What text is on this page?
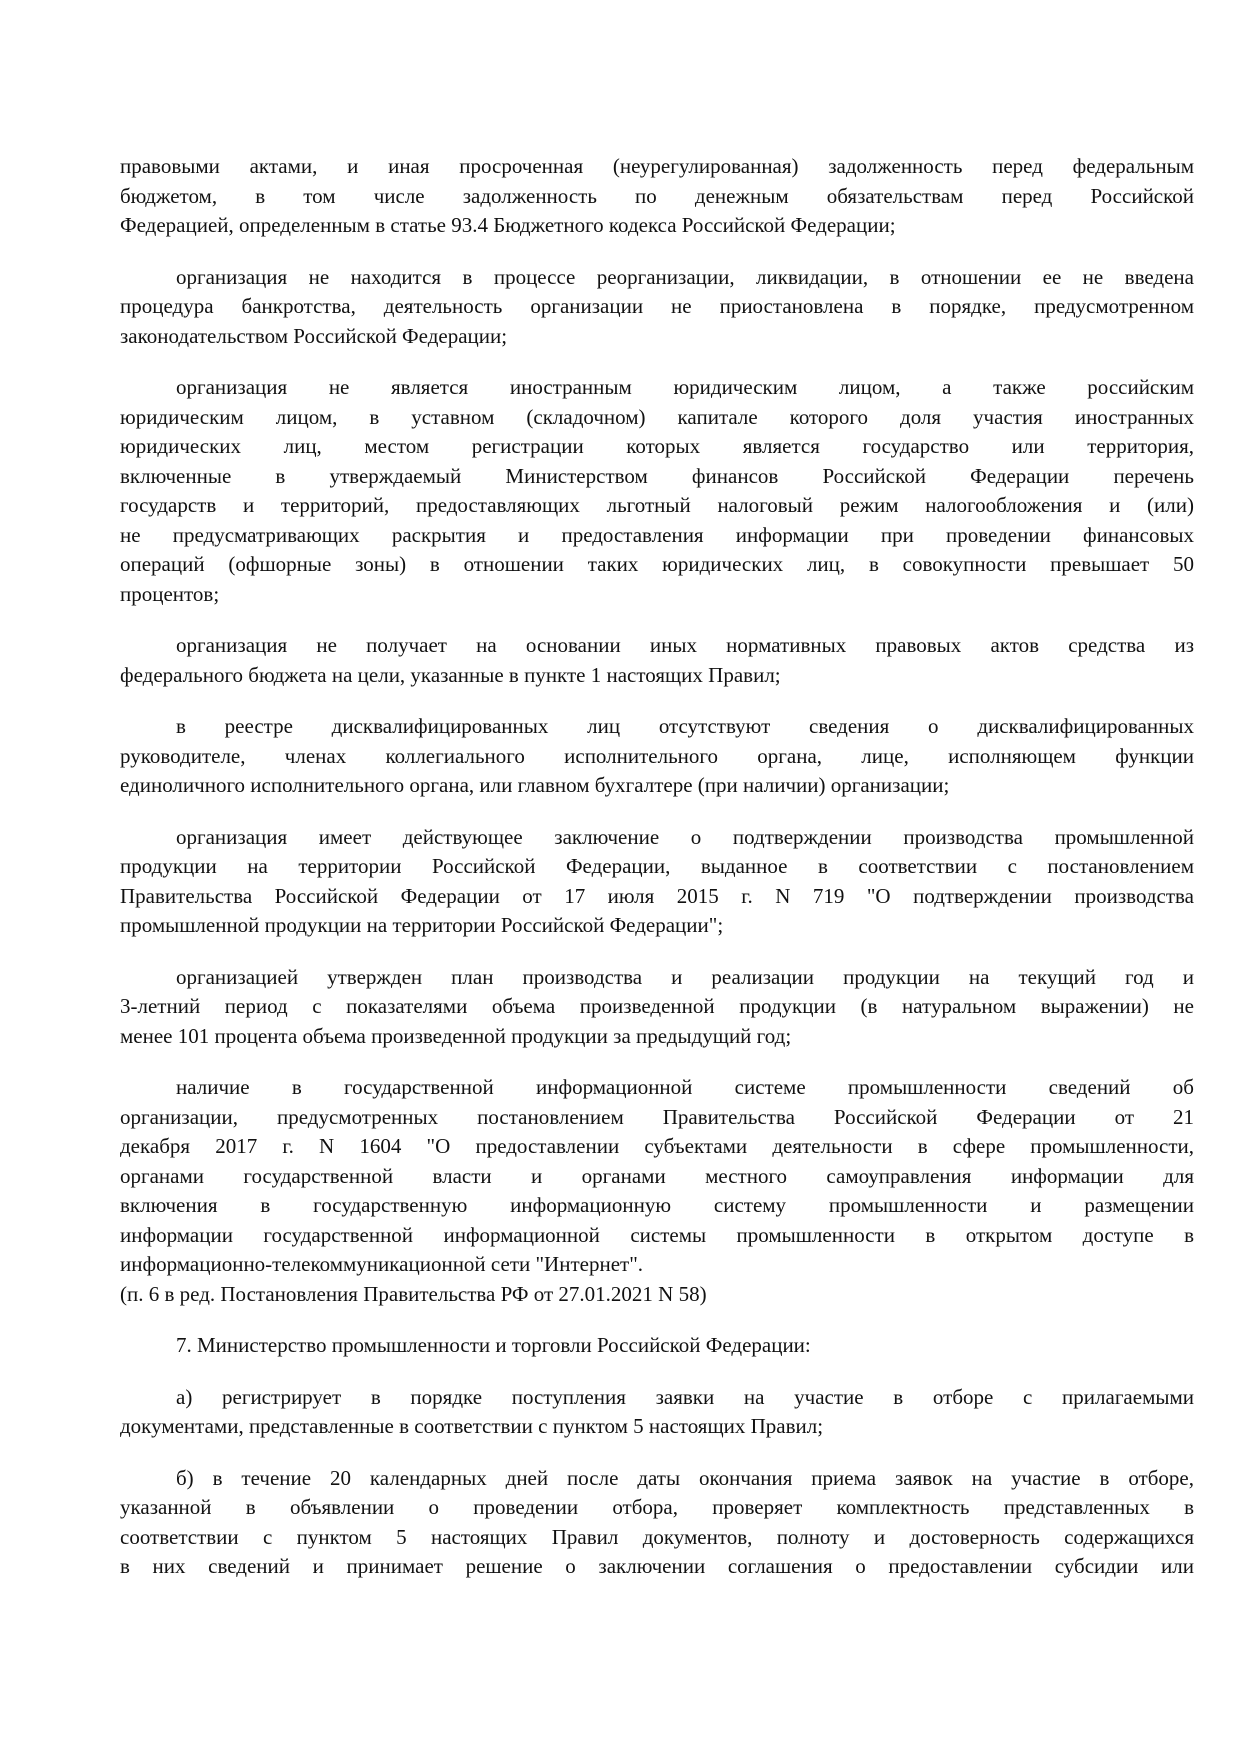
правовыми актами, и иная просроченная (неурегулированная) задолженность перед федеральным
бюджетом, в том числе задолженность по денежным обязательствам перед Российской
Федерацией, определенным в статье 93.4 Бюджетного кодекса Российской Федерации;
организация не находится в процессе реорганизации, ликвидации, в отношении ее не введена
процедура банкротства, деятельность организации не приостановлена в порядке, предусмотренном
законодательством Российской Федерации;
организация не является иностранным юридическим лицом, а также российским
юридическим лицом, в уставном (складочном) капитале которого доля участия иностранных
юридических лиц, местом регистрации которых является государство или территория,
включенные в утверждаемый Министерством финансов Российской Федерации перечень
государств и территорий, предоставляющих льготный налоговый режим налогообложения и (или)
не предусматривающих раскрытия и предоставления информации при проведении финансовых
операций (офшорные зоны) в отношении таких юридических лиц, в совокупности превышает 50
процентов;
организация не получает на основании иных нормативных правовых актов средства из
федерального бюджета на цели, указанные в пункте 1 настоящих Правил;
в реестре дисквалифицированных лиц отсутствуют сведения о дисквалифицированных
руководителе, членах коллегиального исполнительного органа, лице, исполняющем функции
единоличного исполнительного органа, или главном бухгалтере (при наличии) организации;
организация имеет действующее заключение о подтверждении производства промышленной
продукции на территории Российской Федерации, выданное в соответствии с постановлением
Правительства Российской Федерации от 17 июля 2015 г. N 719 "О подтверждении производства
промышленной продукции на территории Российской Федерации";
организацией утвержден план производства и реализации продукции на текущий год и
3-летний период с показателями объема произведенной продукции (в натуральном выражении) не
менее 101 процента объема произведенной продукции за предыдущий год;
наличие в государственной информационной системе промышленности сведений об
организации, предусмотренных постановлением Правительства Российской Федерации от 21
декабря 2017 г. N 1604 "О предоставлении субъектами деятельности в сфере промышленности,
органами государственной власти и органами местного самоуправления информации для
включения в государственную информационную систему промышленности и размещении
информации государственной информационной системы промышленности в открытом доступе в
информационно-телекоммуникационной сети "Интернет".
(п. 6 в ред. Постановления Правительства РФ от 27.01.2021 N 58)
7. Министерство промышленности и торговли Российской Федерации:
а) регистрирует в порядке поступления заявки на участие в отборе с прилагаемыми
документами, представленные в соответствии с пунктом 5 настоящих Правил;
б) в течение 20 календарных дней после даты окончания приема заявок на участие в отборе,
указанной в объявлении о проведении отбора, проверяет комплектность представленных в
соответствии с пунктом 5 настоящих Правил документов, полноту и достоверность содержащихся
в них сведений и принимает решение о заключении соглашения о предоставлении субсидии или
